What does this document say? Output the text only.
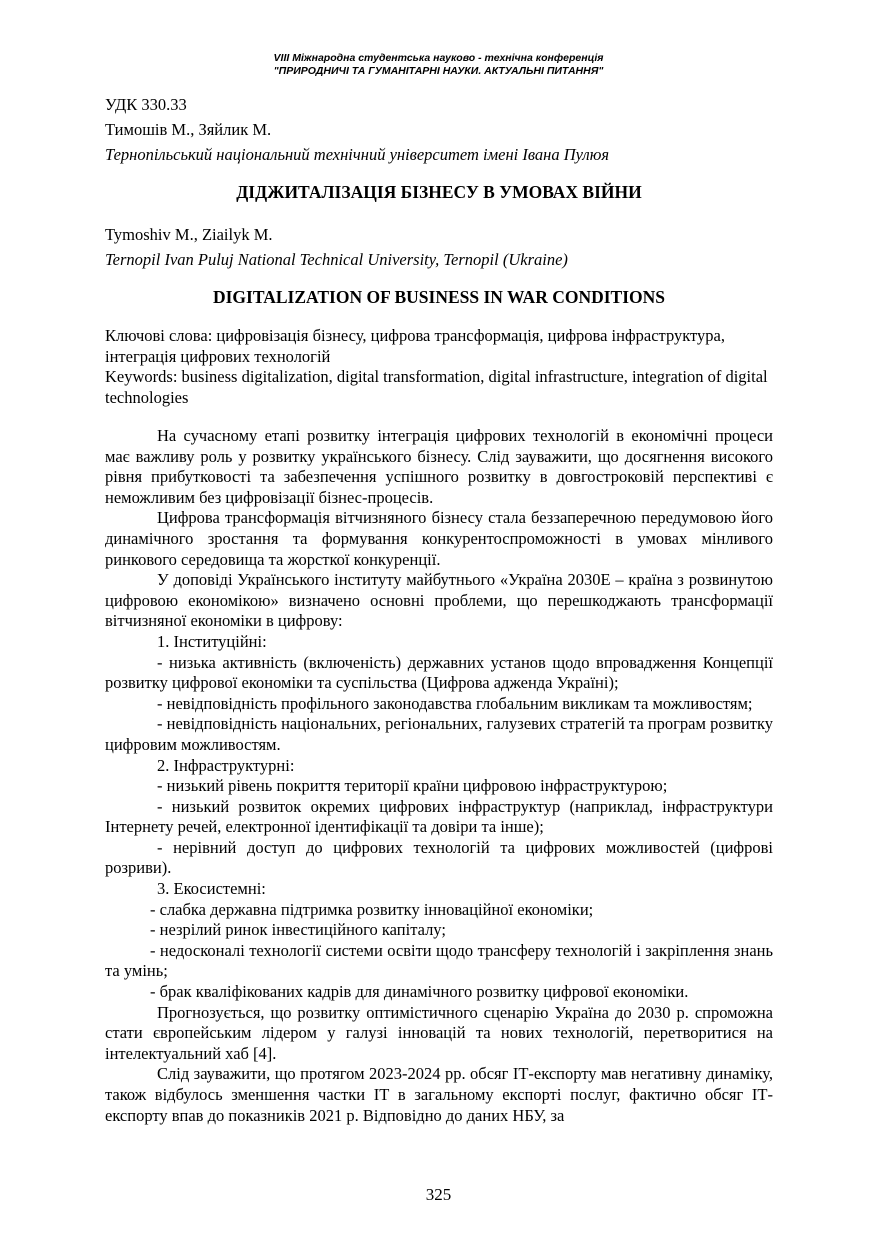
VIII Міжнародна студентська науково - технічна конференція
"ПРИРОДНИЧІ ТА ГУМАНІТАРНІ НАУКИ. АКТУАЛЬНІ ПИТАННЯ"
УДК 330.33
Тимошів М., Зяйлик М.
Тернопільський національний технічний університет імені Івана Пулюя

ДІДЖИТАЛІЗАЦІЯ БІЗНЕСУ В УМОВАХ ВІЙНИ

Tymoshiv M., Ziailyk M.
Ternopil Ivan Puluj National Technical University, Ternopil (Ukraine)

DIGITALIZATION OF BUSINESS IN WAR CONDITIONS

Ключові слова: цифровізація бізнесу, цифрова трансформація, цифрова інфраструктура, інтеграція цифрових технологій

Keywords: business digitalization, digital transformation, digital infrastructure, integration of digital technologies

На сучасному етапі розвитку інтеграція цифрових технологій в економічні процеси має важливу роль у розвитку українського бізнесу. Слід зауважити, що досягнення високого рівня прибутковості та забезпечення успішного розвитку в довгостроковій перспективі є неможливим без цифровізації бізнес-процесів.

Цифрова трансформація вітчизняного бізнесу стала беззаперечною передумовою його динамічного зростання та формування конкурентоспроможності в умовах мінливого ринкового середовища та жорсткої конкуренції.

У доповіді Українського інституту майбутнього «Україна 2030Е – країна з розвинутою цифровою економікою» визначено основні проблеми, що перешкоджають трансформації вітчизняної економіки в цифрову:

1. Інституційні:

- низька активність (включеність) державних установ щодо впровадження Концепції розвитку цифрової економіки та суспільства (Цифрова адженда Україні);

- невідповідність профільного законодавства глобальним викликам та можливостям;

- невідповідність національних, регіональних, галузевих стратегій та програм розвитку цифровим можливостям.

2. Інфраструктурні:

- низький рівень покриття території країни цифровою інфраструктурою;

- низький розвиток окремих цифрових інфраструктур (наприклад, інфраструктури Інтернету речей, електронної ідентифікації та довіри та інше);

- нерівний доступ до цифрових технологій та цифрових можливостей (цифрові розриви).

3. Екосистемні:

- слабка державна підтримка розвитку інноваційної економіки;

- незрілий ринок інвестиційного капіталу;

- недосконалі технології системи освіти щодо трансферу технологій і закріплення знань та умінь;

- брак кваліфікованих кадрів для динамічного розвитку цифрової економіки.

Прогнозується, що розвитку оптимістичного сценарію Україна до 2030 р. спроможна стати європейським лідером у галузі інновацій та нових технологій, перетворитися на інтелектуальний хаб [4].

Слід зауважити, що протягом 2023-2024 рр. обсяг ІТ-експорту мав негативну динаміку, також відбулось зменшення частки ІТ в загальному експорті послуг, фактично обсяг ІТ-експорту впав до показників 2021 р. Відповідно до даних НБУ, за

325
